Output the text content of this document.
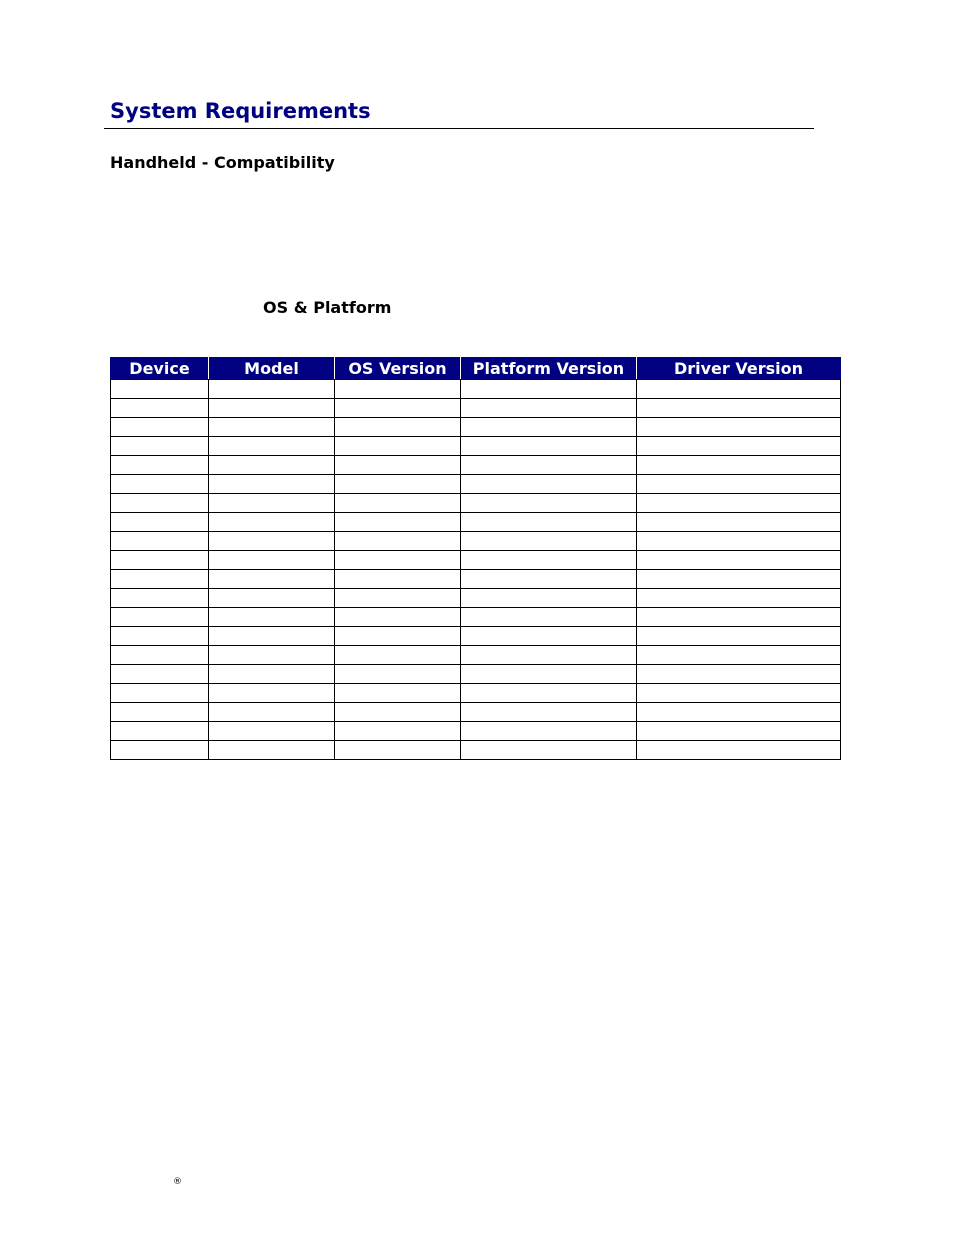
System Requirements
Handheld - Compatibility
OS & Platform
Device	Model	OS Version	Platform Version	Driver Version

®
